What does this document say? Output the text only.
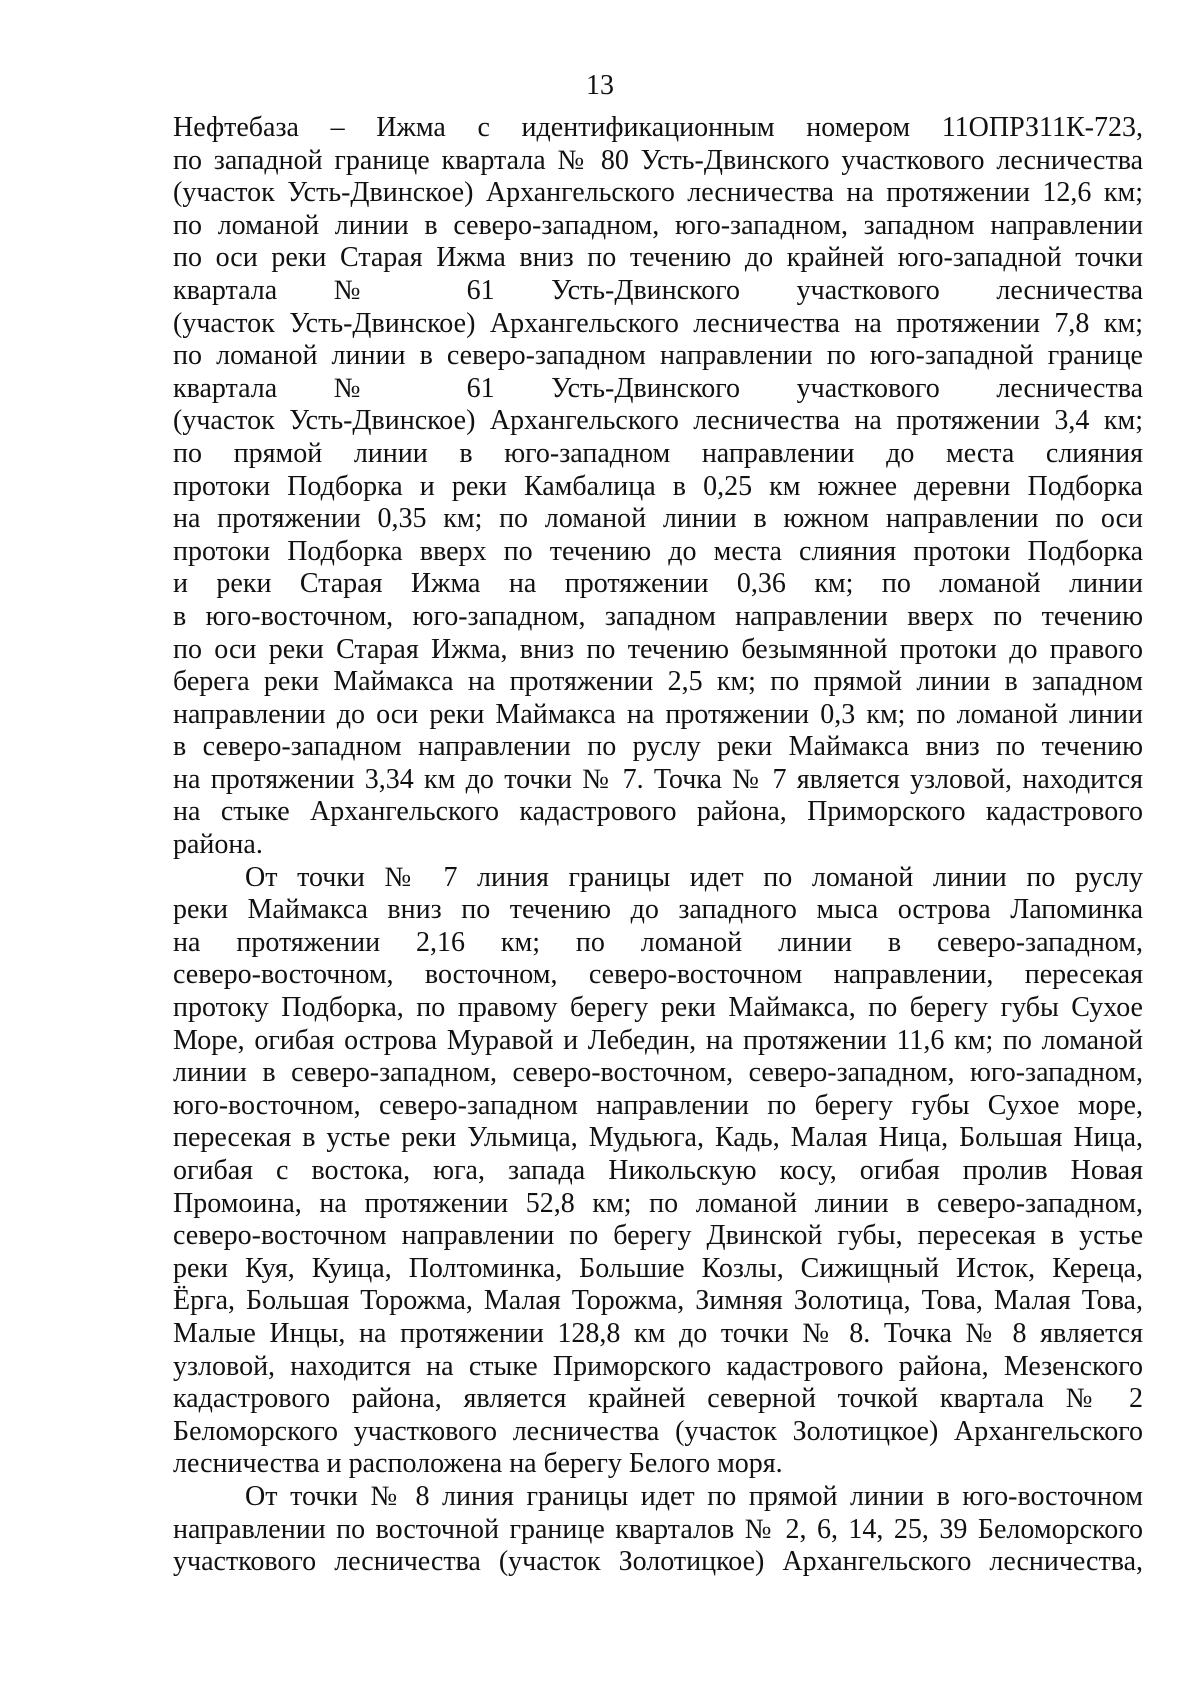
13
Нефтебаза – Ижма с идентификационным номером 11ОПРЗ11К-723,
по западной границе квартала № 80 Усть-Двинского участкового лесничества
(участок Усть-Двинское) Архангельского лесничества на протяжении 12,6 км;
по ломаной линии в северо-западном, юго-западном, западном направлении
по оси реки Старая Ижма вниз по течению до крайней юго-западной точки
квартала № 61 Усть-Двинского участкового лесничества
(участок Усть-Двинское) Архангельского лесничества на протяжении 7,8 км;
по ломаной линии в северо-западном направлении по юго-западной границе
квартала № 61 Усть-Двинского участкового лесничества
(участок Усть-Двинское) Архангельского лесничества на протяжении 3,4 км;
по прямой линии в юго-западном направлении до места слияния
протоки Подборка и реки Камбалица в 0,25 км южнее деревни Подборка
на протяжении 0,35 км; по ломаной линии в южном направлении по оси
протоки Подборка вверх по течению до места слияния протоки Подборка
и реки Старая Ижма на протяжении 0,36 км; по ломаной линии
в юго-восточном, юго-западном, западном направлении вверх по течению
по оси реки Старая Ижма, вниз по течению безымянной протоки до правого
берега реки Маймакса на протяжении 2,5 км; по прямой линии в западном
направлении до оси реки Маймакса на протяжении 0,3 км; по ломаной линии
в северо-западном направлении по руслу реки Маймакса вниз по течению
на протяжении 3,34 км до точки № 7. Точка № 7 является узловой, находится
на стыке Архангельского кадастрового района, Приморского кадастрового
района.
От точки № 7 линия границы идет по ломаной линии по руслу
реки Маймакса вниз по течению до западного мыса острова Лапоминка
на протяжении 2,16 км; по ломаной линии в северо-западном,
северо-восточном, восточном, северо-восточном направлении, пересекая
протоку Подборка, по правому берегу реки Маймакса, по берегу губы Сухое
Море, огибая острова Муравой и Лебедин, на протяжении 11,6 км; по ломаной
линии в северо-западном, северо-восточном, северо-западном, юго-западном,
юго-восточном, северо-западном направлении по берегу губы Сухое море,
пересекая в устье реки Ульмица, Мудьюга, Кадь, Малая Ница, Большая Ница,
огибая с востока, юга, запада Никольскую косу, огибая пролив Новая
Промоина, на протяжении 52,8 км; по ломаной линии в северо-западном,
северо-восточном направлении по берегу Двинской губы, пересекая в устье
реки Куя, Куица, Полтоминка, Большие Козлы, Сижищный Исток, Кереца,
Ёрга, Большая Торожма, Малая Торожма, Зимняя Золотица, Това, Малая Това,
Малые Инцы, на протяжении 128,8 км до точки № 8. Точка № 8 является
узловой, находится на стыке Приморского кадастрового района, Мезенского
кадастрового района, является крайней северной точкой квартала № 2
Беломорского участкового лесничества (участок Золотицкое) Архангельского
лесничества и расположена на берегу Белого моря.
От точки № 8 линия границы идет по прямой линии в юго-восточном
направлении по восточной границе кварталов № 2, 6, 14, 25, 39 Беломорского
участкового лесничества (участок Золотицкое) Архангельского лесничества,
